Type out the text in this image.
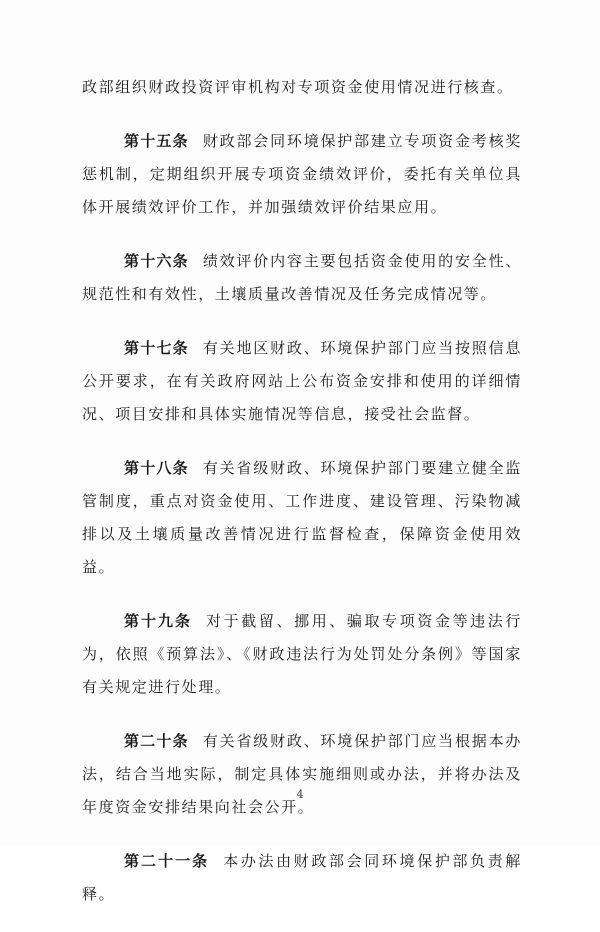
政部组织财政投资评审机构对专项资金使用情况进行核查。

第十五条 财政部会同环境保护部建立专项资金考核奖惩机制，定期组织开展专项资金绩效评价，委托有关单位具体开展绩效评价工作，并加强绩效评价结果应用。

第十六条 绩效评价内容主要包括资金使用的安全性、规范性和有效性，土壤质量改善情况及任务完成情况等。

第十七条 有关地区财政、环境保护部门应当按照信息公开要求，在有关政府网站上公布资金安排和使用的详细情况、项目安排和具体实施情况等信息，接受社会监督。

第十八条 有关省级财政、环境保护部门要建立健全监管制度，重点对资金使用、工作进度、建设管理、污染物减排以及土壤质量改善情况进行监督检查，保障资金使用效益。

第十九条 对于截留、挪用、骗取专项资金等违法行为，依照《预算法》、《财政违法行为处罚处分条例》等国家有关规定进行处理。

第二十条 有关省级财政、环境保护部门应当根据本办法，结合当地实际，制定具体实施细则或办法，并将办法及年度资金安排结果向社会公开。

第二十一条 本办法由财政部会同环境保护部负责解释。

4
